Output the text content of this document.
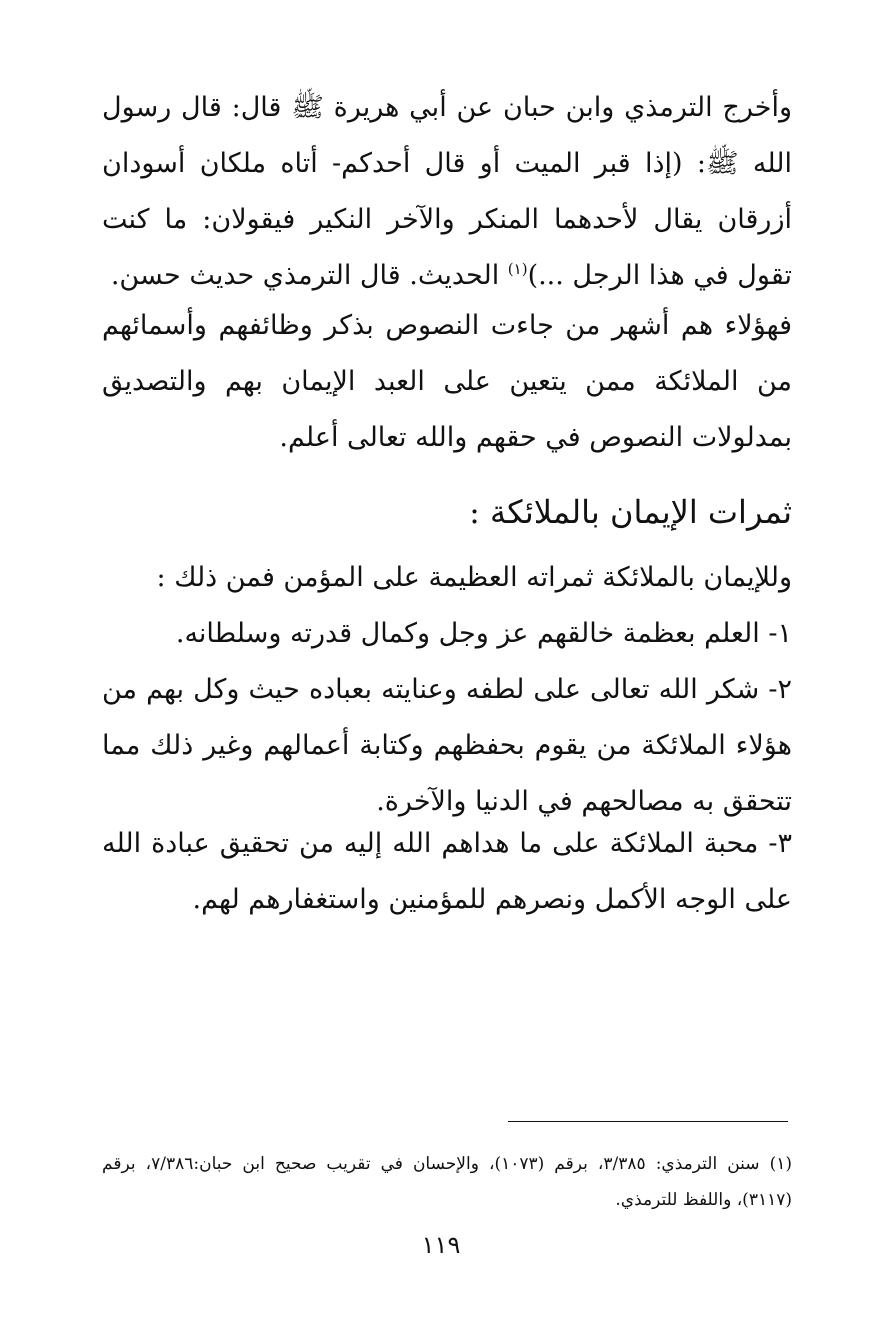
وأخرج الترمذي وابن حبان عن أبي هريرة ﷺ قال: قال رسول الله ﷺ: (إذا قبر الميت أو قال أحدكم- أتاه ملكان أسودان أزرقان يقال لأحدهما المنكر والآخر النكير فيقولان: ما كنت تقول في هذا الرجل ...)$^{(١)}$ الحديث. قال الترمذي حديث حسن.

فهؤلاء هم أشهر من جاءت النصوص بذكر وظائفهم وأسمائهم من الملائكة ممن يتعين على العبد الإيمان بهم والتصديق بمدلولات النصوص في حقهم والله تعالى أعلم.

ثمرات الإيمان بالملائكة :

وللإيمان بالملائكة ثمراته العظيمة على المؤمن فمن ذلك :

١- العلم بعظمة خالقهم عز وجل وكمال قدرته وسلطانه.

٢- شكر الله تعالى على لطفه وعنايته بعباده حيث وكل بهم من هؤلاء الملائكة من يقوم بحفظهم وكتابة أعمالهم وغير ذلك مما تتحقق به مصالحهم في الدنيا والآخرة.

٣- محبة الملائكة على ما هداهم الله إليه من تحقيق عبادة الله على الوجه الأكمل ونصرهم للمؤمنين واستغفارهم لهم.

(١) سنن الترمذي: ٣/٣٨٥، برقم (١٠٧٣)، والإحسان في تقريب صحيح ابن حبان:٧/٣٨٦، برقم (٣١١٧)، واللفظ للترمذي.

١١٩
